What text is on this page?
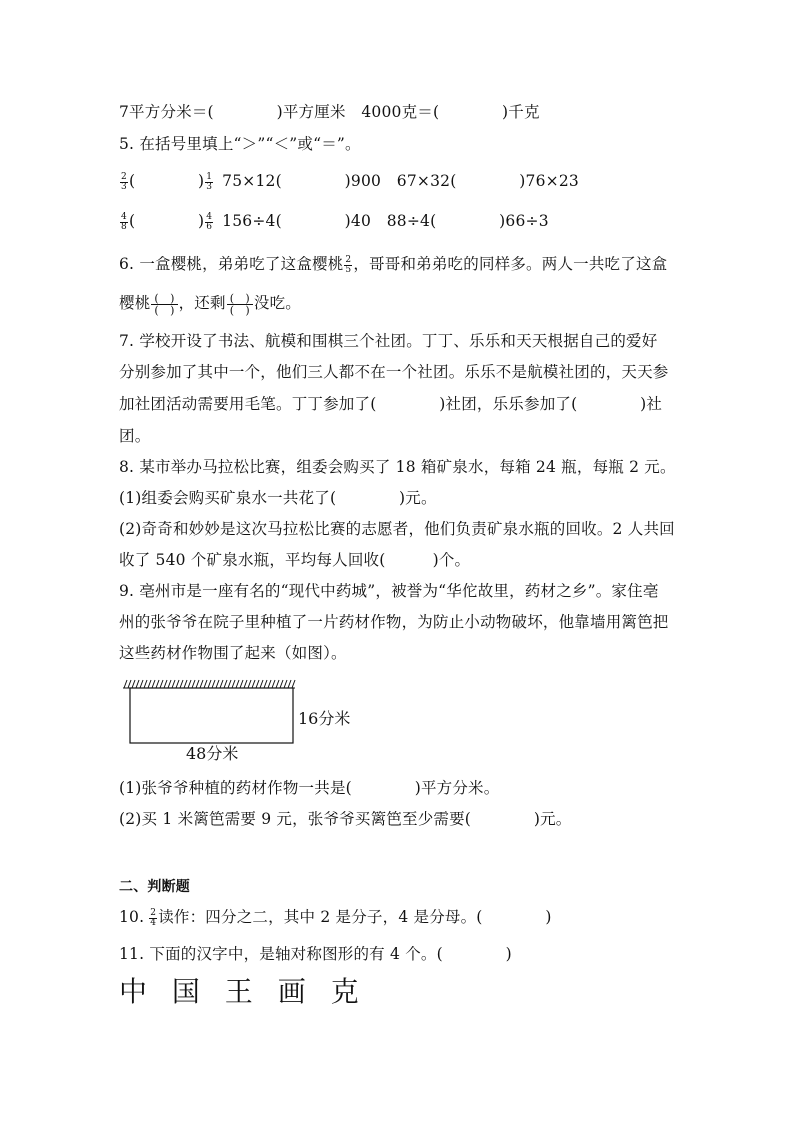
7平方分米＝(　　　　)平方厘米　4000克＝(　　　　)千克
5. 在括号里填上“＞”“＜”或“＝”。
$\frac{2}{3}$ (　　　　) $\frac{1}{3} 75\times 12$(　　　　)900　67×32(　　　　)76×23
$\frac{4}{8}$ (　　　　) $\frac{4}{6} 156\div 4$(　　　　)40　88÷4(　　　　)66÷3
6. 一盒樱桃，弟弟吃了这盒樱桃 $\frac{2}{5}$ ，哥哥和弟弟吃的同样多。两人一共吃了这盒
樱桃 $\frac{( )}{( )}$ ，还剩 $\frac{( )}{( )}$ 没吃。
7. 学校开设了书法、航模和围棋三个社团。丁丁、乐乐和天天根据自己的爱好
分别参加了其中一个，他们三人都不在一个社团。乐乐不是航模社团的，天天参
加社团活动需要用毛笔。丁丁参加了(　　　　)社团，乐乐参加了(　　　　)社
团。
8. 某市举办马拉松比赛，组委会购买了 18 箱矿泉水，每箱 24 瓶，每瓶 2 元。
(1)组委会购买矿泉水一共花了(　　　　)元。
(2)奇奇和妙妙是这次马拉松比赛的志愿者，他们负责矿泉水瓶的回收。2 人共回
收了 540 个矿泉水瓶，平均每人回收(　　　)个。
9. 亳州市是一座有名的“现代中药城”，被誉为“华佗故里，药材之乡”。家住亳
州的张爷爷在院子里种植了一片药材作物，为防止小动物破坏，他靠墙用篱笆把
这些药材作物围了起来（如图）。
16分米
48分米
(1)张爷爷种植的药材作物一共是(　　　　)平方分米。
(2)买 1 米篱笆需要 9 元，张爷爷买篱笆至少需要(　　　　)元。
二、判断题
10. $\frac{2}{4}$ 读作：四分之二，其中 2 是分子，4 是分母。(　　　　)
11. 下面的汉字中，是轴对称图形的有 4 个。(　　　　)
中 国 王 画 克
